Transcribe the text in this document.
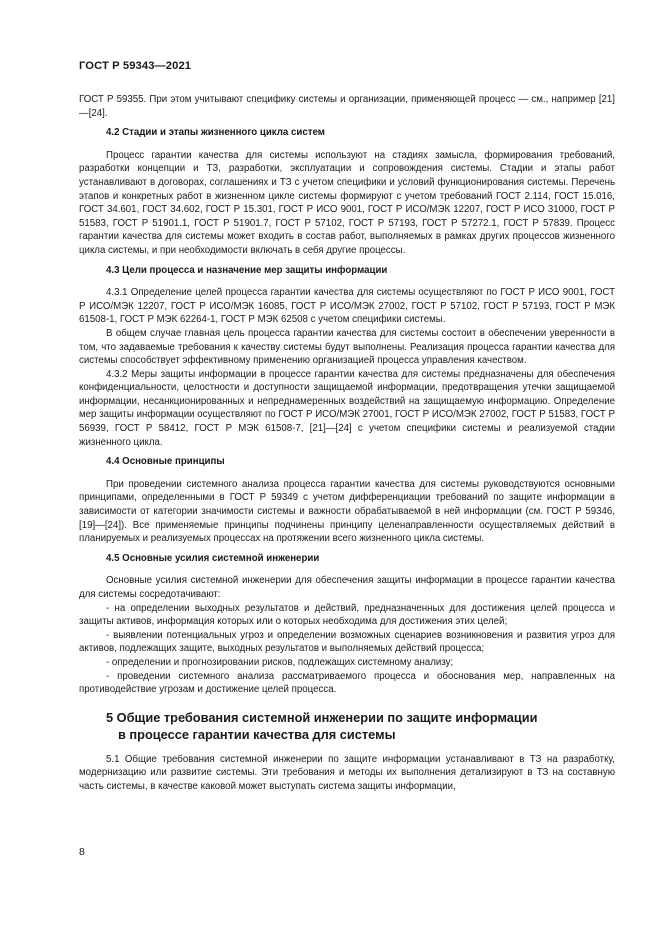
ГОСТ Р 59343—2021

ГОСТ Р 59355. При этом учитывают специфику системы и организации, применяющей процесс — см., например [21]—[24].

4.2 Стадии и этапы жизненного цикла систем

Процесс гарантии качества для системы используют на стадиях замысла, формирования требований, разработки концепции и ТЗ, разработки, эксплуатации и сопровождения системы. Стадии и этапы работ устанавливают в договорах, соглашениях и ТЗ с учетом специфики и условий функционирования системы. Перечень этапов и конкретных работ в жизненном цикле системы формируют с учетом требований ГОСТ 2.114, ГОСТ 15.016, ГОСТ 34.601, ГОСТ 34.602, ГОСТ Р 15.301, ГОСТ Р ИСО 9001, ГОСТ Р ИСО/МЭК 12207, ГОСТ Р ИСО 31000, ГОСТ Р 51583, ГОСТ Р 51901.1, ГОСТ Р 51901.7, ГОСТ Р 57102, ГОСТ Р 57193, ГОСТ Р 57272.1, ГОСТ Р 57839. Процесс гарантии качества для системы может входить в состав работ, выполняемых в рамках других процессов жизненного цикла системы, и при необходимости включать в себя другие процессы.

4.3 Цели процесса и назначение мер защиты информации

4.3.1 Определение целей процесса гарантии качества для системы осуществляют по ГОСТ Р ИСО 9001, ГОСТ Р ИСО/МЭК 12207, ГОСТ Р ИСО/МЭК 16085, ГОСТ Р ИСО/МЭК 27002, ГОСТ Р 57102, ГОСТ Р 57193, ГОСТ Р МЭК 61508-1, ГОСТ Р МЭК 62264-1, ГОСТ Р МЭК 62508 с учетом специфики системы.

В общем случае главная цель процесса гарантии качества для системы состоит в обеспечении уверенности в том, что задаваемые требования к качеству системы будут выполнены. Реализация процесса гарантии качества для системы способствует эффективному применению организацией процесса управления качеством.

4.3.2 Меры защиты информации в процессе гарантии качества для системы предназначены для обеспечения конфиденциальности, целостности и доступности защищаемой информации, предотвращения утечки защищаемой информации, несанкционированных и непреднамеренных воздействий на защищаемую информацию. Определение мер защиты информации осуществляют по ГОСТ Р ИСО/МЭК 27001, ГОСТ Р ИСО/МЭК 27002, ГОСТ Р 51583, ГОСТ Р 56939, ГОСТ Р 58412, ГОСТ Р МЭК 61508-7, [21]—[24] с учетом специфики системы и реализуемой стадии жизненного цикла.

4.4 Основные принципы

При проведении системного анализа процесса гарантии качества для системы руководствуются основными принципами, определенными в ГОСТ Р 59349 с учетом дифференциации требований по защите информации в зависимости от категории значимости системы и важности обрабатываемой в ней информации (см. ГОСТ Р 59346, [19]—[24]). Все применяемые принципы подчинены принципу целенаправленности осуществляемых действий в планируемых и реализуемых процессах на протяжении всего жизненного цикла системы.

4.5 Основные усилия системной инженерии

Основные усилия системной инженерии для обеспечения защиты информации в процессе гарантии качества для системы сосредотачивают:

- на определении выходных результатов и действий, предназначенных для достижения целей процесса и защиты активов, информация которых или о которых необходима для достижения этих целей;

- выявлении потенциальных угроз и определении возможных сценариев возникновения и развития угроз для активов, подлежащих защите, выходных результатов и выполняемых действий процесса;

- определении и прогнозировании рисков, подлежащих системному анализу;

- проведении системного анализа рассматриваемого процесса и обоснования мер, направленных на противодействие угрозам и достижение целей процесса.

5 Общие требования системной инженерии по защите информации
в процессе гарантии качества для системы

5.1 Общие требования системной инженерии по защите информации устанавливают в ТЗ на разработку, модернизацию или развитие системы. Эти требования и методы их выполнения детализируют в ТЗ на составную часть системы, в качестве каковой может выступать система защиты информации,

8
